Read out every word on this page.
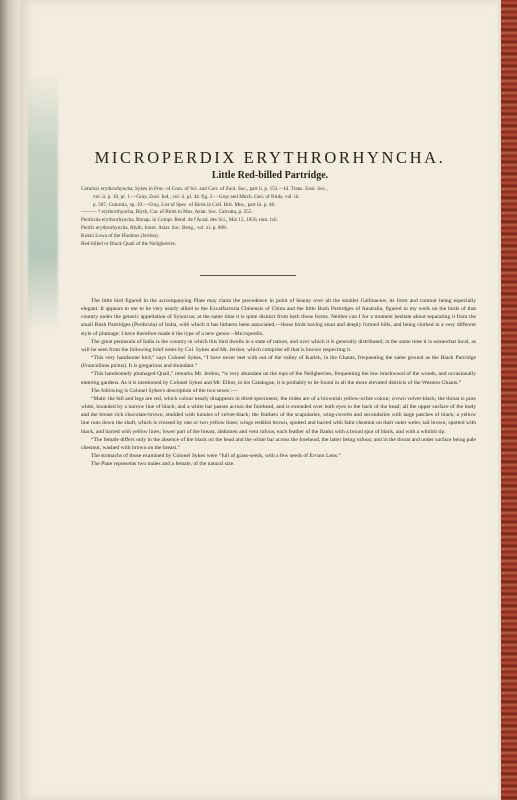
MICROPERDIX ERYTHRORHYNCHA.
Little Red-billed Partridge.
Coturnix erythrorhyncha, Sykes in Proc. of Com. of Sci. and Corr. of Zool. Soc., part ii. p. 153.—Id. Trans. Zool. Soc.,
vol. ii. p. 16, pl. 1.—Gray, Zool. Ind., vol. ii. pl. 44. fig. 2.—Gray and Mitch. Gen. of Birds, vol. iii.
p. 507, Coturnix, sp. 10.—Gray, List of Spec. of Birds in Coll. Brit. Mus., part iii. p. 40.
——— ? erythrorhyncha, Blyth, Cat. of Birds in Mus. Asiat. Soc. Calcutta, p. 255.
Perdicula erythrorhyncha, Bonap. in Compt. Rend. de l'Acad. des Sci., Mai 12, 1856, tom. lxii.
Perdix erythrorhyncha, Blyth, Journ. Asiat. Soc. Beng., vol. xi. p. 808.
Kokni Lowa of the Hindoos (Jerdon).
Red-billed or Black Quail of the Neilgherries.

The little bird figured in the accompanying Plate may claim the precedence in point of beauty over all the smaller Gallinaceæ, its form and contour being especially elegant. It appears to me to be very nearly allied to the Excalfactoria Chinensis of China and the little Bush Partridges of Australia, figured in my work on the birds of that country under the generic appellation of Synoicus; at the same time it is quite distinct from both those forms. Neither can I for a moment hesitate about separating it from the small Bush Partridges (Perdicula) of India, with which it has hitherto been associated,—those birds having stout and deeply formed bills, and being clothed in a very different style of plumage; I have therefore made it the type of a new genus—Microperdix.

The great peninsula of India is the country in which this bird dwells in a state of nature, and over which it is generally distributed; at the same time it is somewhat local, as will be seen from the following brief notes by Col. Sykes and Mr. Jerdon, which comprise all that is known respecting it.

“This very handsome bird,” says Colonel Sykes, “I have never met with out of the valley of Karleh, in the Ghauts, frequenting the same ground as the Black Partridge (Francolinus pictus). It is gregarious and shundant.”

“This handsomely plumaged Quail,” remarks Mr. Jerdon, “is very abundant on the tops of the Neilgherries, frequenting the low brushwood of the woods, and occasionally entering gardens. As it is mentioned by Colonel Sykes and Mr. Elliot, in his Catalogue, it is probably to be found in all the more elevated districts of the Western Ghauts.”

The following is Colonel Sykes's description of the two sexes :—

“Male: the bill and legs are red, which colour nearly disappears in dried specimens; the irides are of a brownish yellow-ochre colour; crown velvet-black; the throat is pure white, bounded by a narrow line of black; and a white bar passes across the forehead, and is extended over both eyes to the back of the head; all the upper surface of the body and the breast rich chocolate-brown, studded with lunules of velvet-black; the feathers of the scapularies, wing-coverts and secondaries with large patches of black; a yellow line runs down the shaft, which is crossed by one or two yellow lines; wings reddish brown, spotted and barred with faint chestnut on their outer webs; tail brown, spotted with black, and barred with yellow lines; lower part of the breast, abdomen and vent rufous; each feather of the flanks with a broad spot of black, and with a whitish tip.

“The female differs only in the absence of the black on the head and the white bar across the forehead, the latter being rufous; and in the throat and under surface being pale chestnut, washed with brown on the breast.”

The stomachs of those examined by Colonel Sykes were “full of grass-seeds, with a few seeds of Ervum Lens.”

The Plate represents two males and a female, of the natural size.
